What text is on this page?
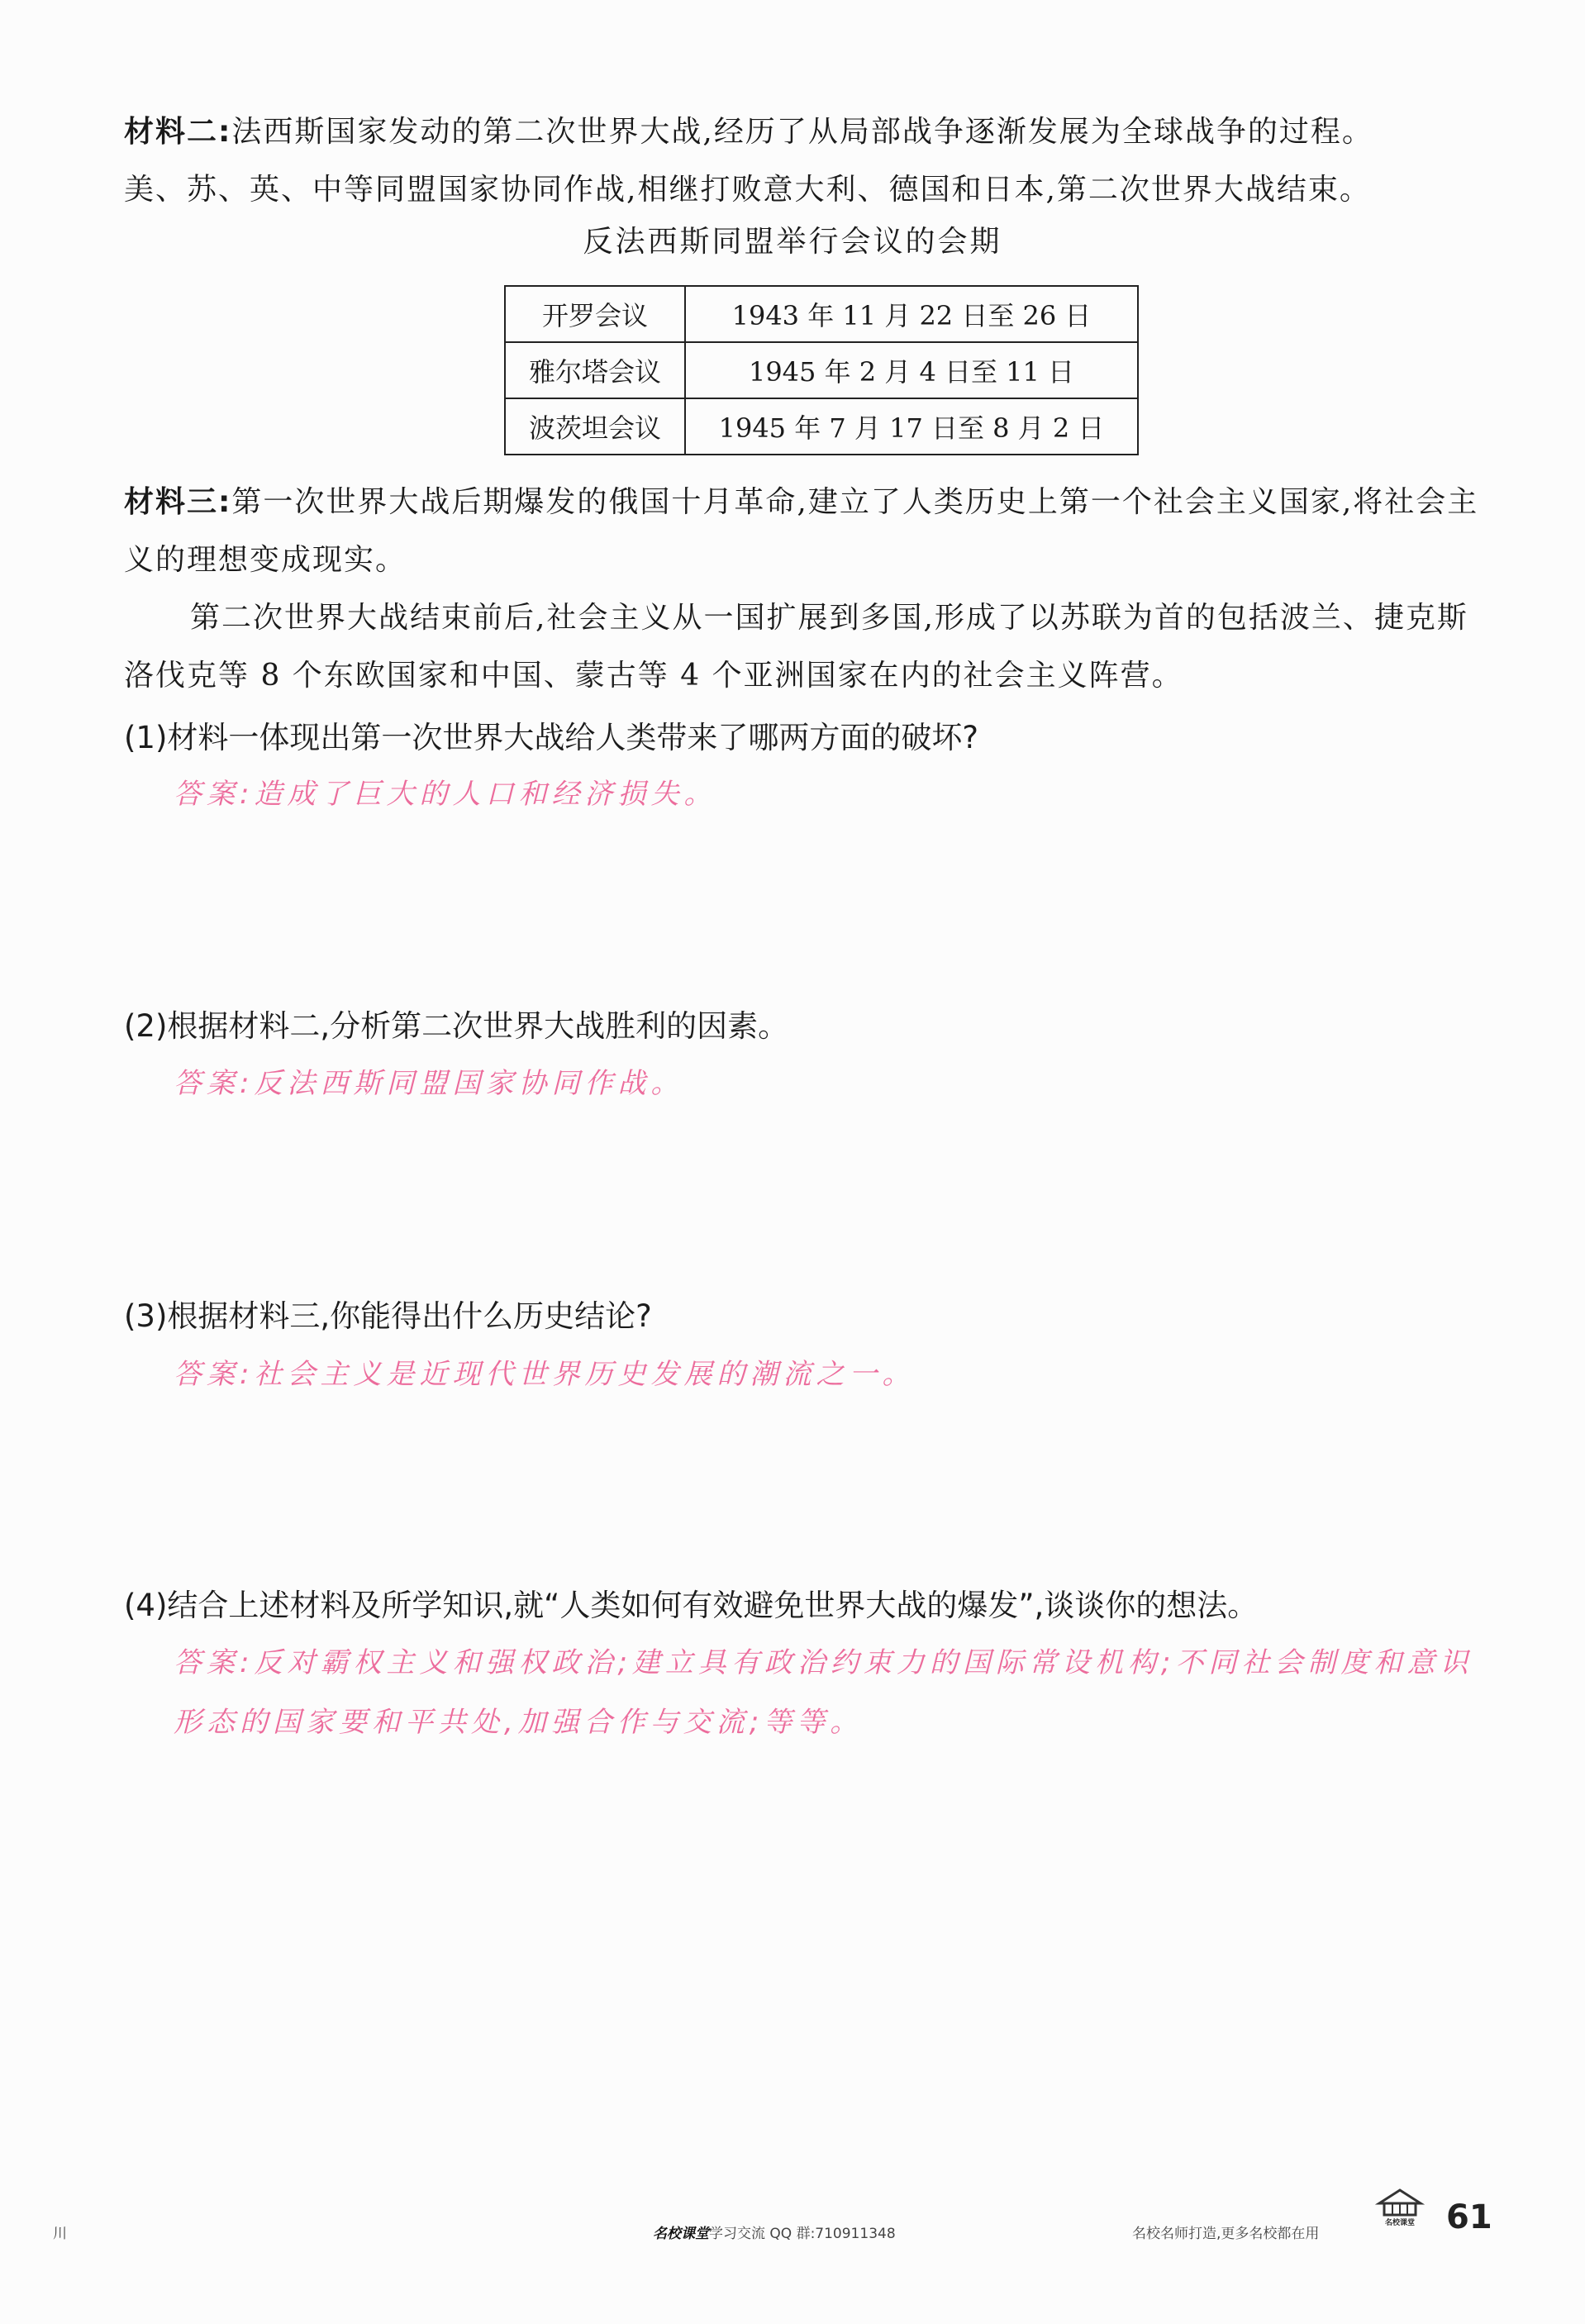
材料二:法西斯国家发动的第二次世界大战,经历了从局部战争逐渐发展为全球战争的过程。
美、苏、英、中等同盟国家协同作战,相继打败意大利、德国和日本,第二次世界大战结束。
反法西斯同盟举行会议的会期
开罗会议	1943 年 11 月 22 日至 26 日
雅尔塔会议	1945 年 2 月 4 日至 11 日
波茨坦会议	1945 年 7 月 17 日至 8 月 2 日

材料三:第一次世界大战后期爆发的俄国十月革命,建立了人类历史上第一个社会主义国家,将社会主义的理想变成现实。

第二次世界大战结束前后,社会主义从一国扩展到多国,形成了以苏联为首的包括波兰、捷克斯洛伐克等 8 个东欧国家和中国、蒙古等 4 个亚洲国家在内的社会主义阵营。

(1)材料一体现出第一次世界大战给人类带来了哪两方面的破坏?

答案:造成了巨大的人口和经济损失。

(2)根据材料二,分析第二次世界大战胜利的因素。

答案:反法西斯同盟国家协同作战。

(3)根据材料三,你能得出什么历史结论?

答案:社会主义是近现代世界历史发展的潮流之一。

(4)结合上述材料及所学知识,就“人类如何有效避免世界大战的爆发”,谈谈你的想法。

答案:反对霸权主义和强权政治;建立具有政治约束力的国际常设机构;不同社会制度和意识形态的国家要和平共处,加强合作与交流;等等。

川	名校课堂学习交流 QQ 群:710911348	名校名师打造,更多名校都在用
名校课堂 61
